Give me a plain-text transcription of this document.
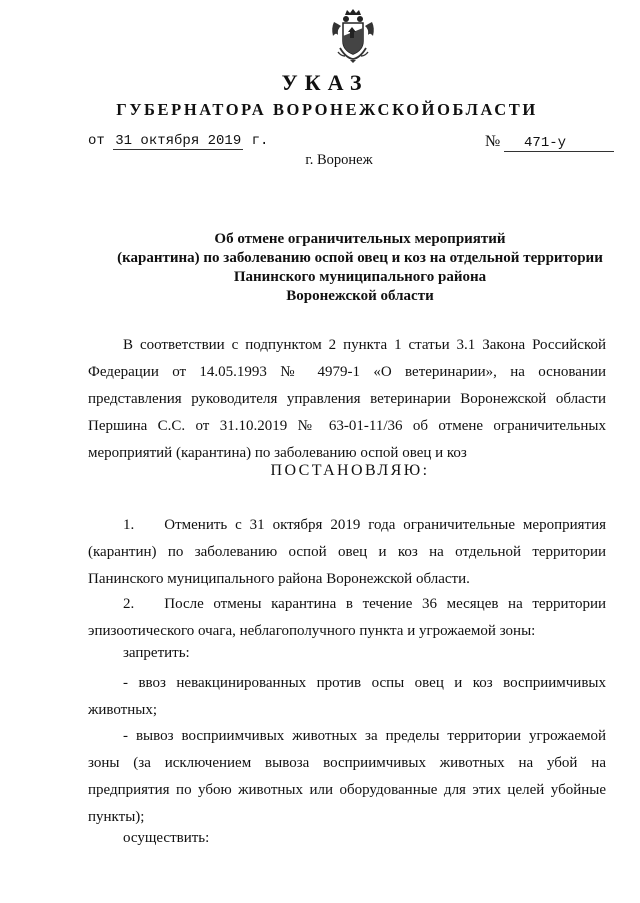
УКАЗ
ГУБЕРНАТОРА ВОРОНЕЖСКОЙОБЛАСТИ
от 31 октября 2019 г.	№ 471-у
г. Воронеж
Об отмене ограничительных мероприятий
(карантина) по заболеванию оспой овец и коз на отдельной территории
Панинского муниципального района
Воронежской области
В соответствии с подпунктом 2 пункта 1 статьи 3.1 Закона Российской Федерации от 14.05.1993 № 4979-1 «О ветеринарии», на основании представления руководителя управления ветеринарии Воронежской области Першина С.С. от 31.10.2019 № 63-01-11/36 об отмене ограничительных мероприятий (карантина) по заболеванию оспой овец и коз
ПОСТАНОВЛЯЮ:
1.  Отменить с 31 октября 2019 года ограничительные мероприятия (карантин) по заболеванию оспой овец и коз на отдельной территории Панинского муниципального района Воронежской области.
2.  После отмены карантина в течение 36 месяцев на территории эпизоотического очага, неблагополучного пункта и угрожаемой зоны:
запретить:
- ввоз невакцинированных против оспы овец и коз восприимчивых животных;
- вывоз восприимчивых животных за пределы территории угрожаемой зоны (за исключением вывоза восприимчивых животных на убой на предприятия по убою животных или оборудованные для этих целей убойные пункты);
осуществить:
